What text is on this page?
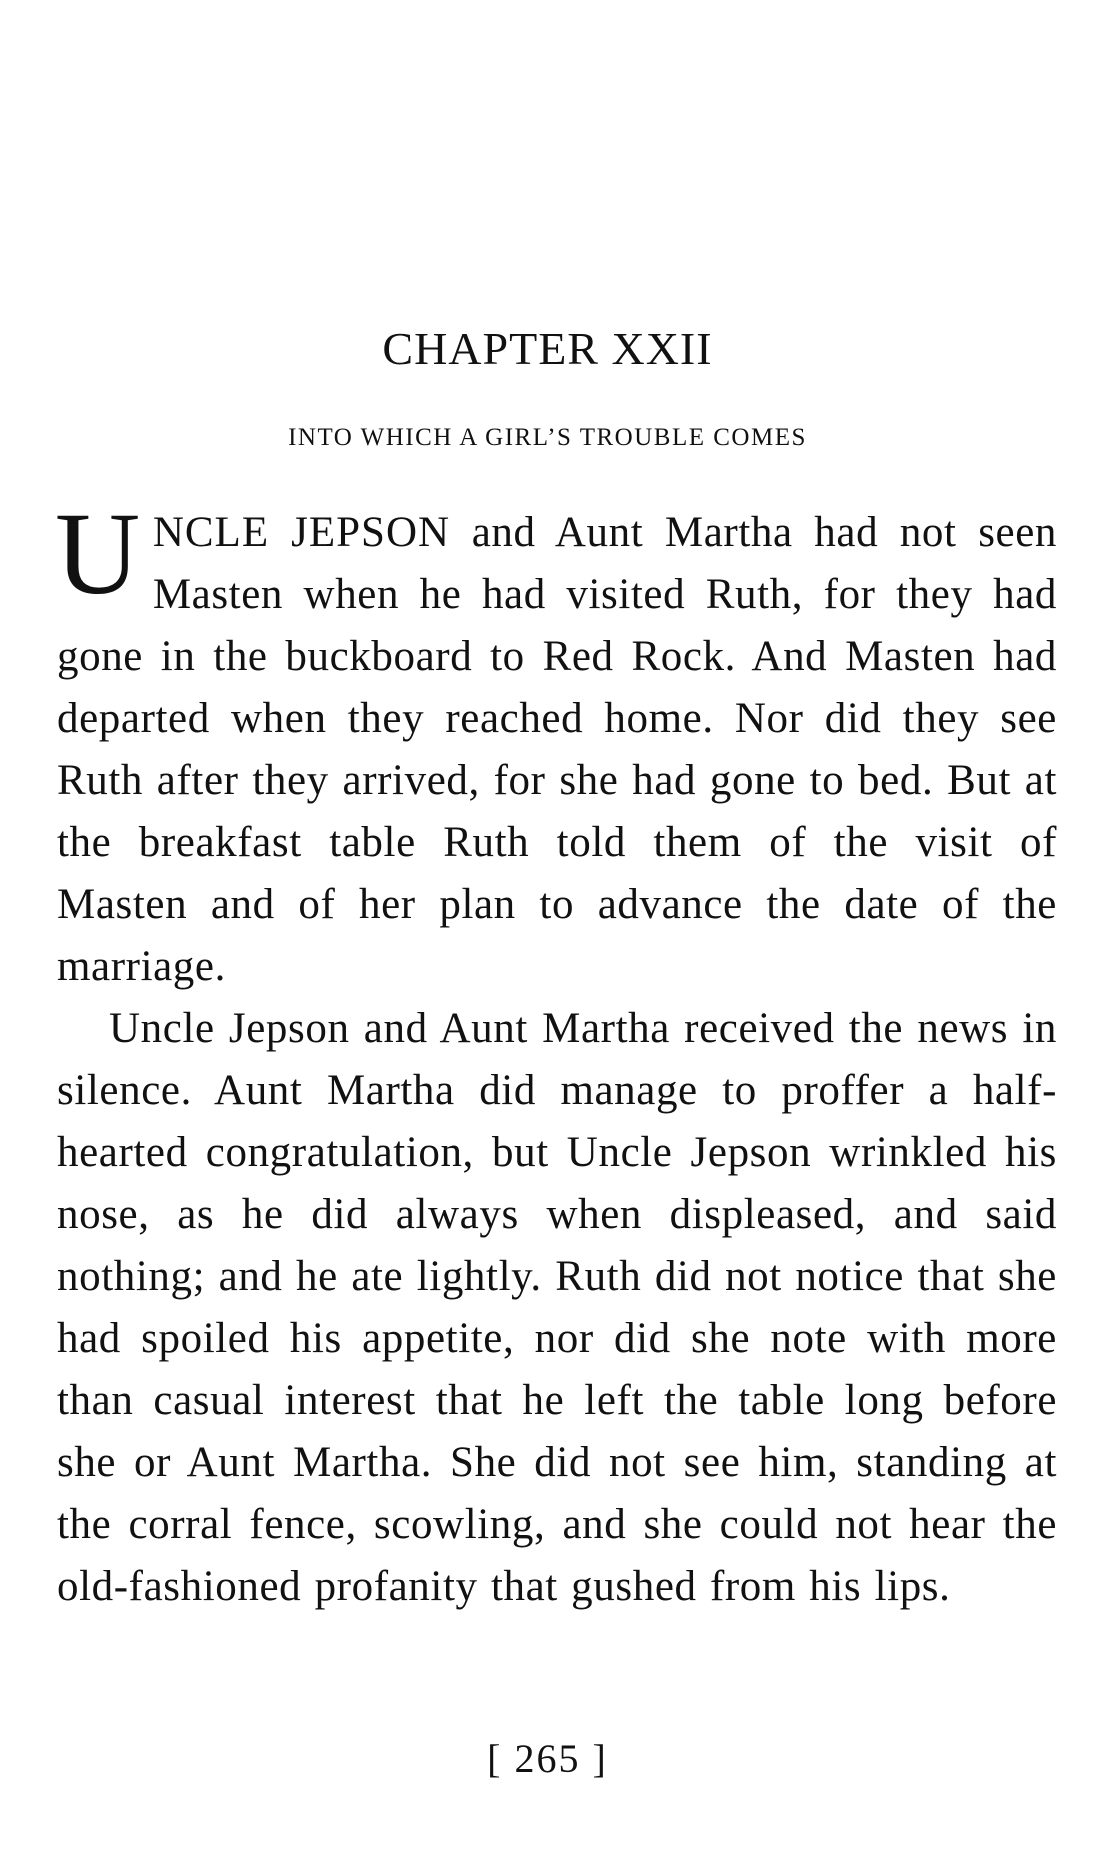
CHAPTER XXII
INTO WHICH A GIRL’S TROUBLE COMES

UNCLE JEPSON and Aunt Martha had not seen Masten when he had visited Ruth, for they had gone in the buckboard to Red Rock. And Masten had departed when they reached home. Nor did they see Ruth after they arrived, for she had gone to bed. But at the breakfast table Ruth told them of the visit of Masten and of her plan to advance the date of the marriage.

Uncle Jepson and Aunt Martha received the news in silence. Aunt Martha did manage to proffer a half-hearted congratulation, but Uncle Jepson wrinkled his nose, as he did always when displeased, and said nothing; and he ate lightly. Ruth did not notice that she had spoiled his appetite, nor did she note with more than casual interest that he left the table long before she or Aunt Martha. She did not see him, standing at the corral fence, scowling, and she could not hear the old-fashioned profanity that gushed from his lips.

[ 265 ]
